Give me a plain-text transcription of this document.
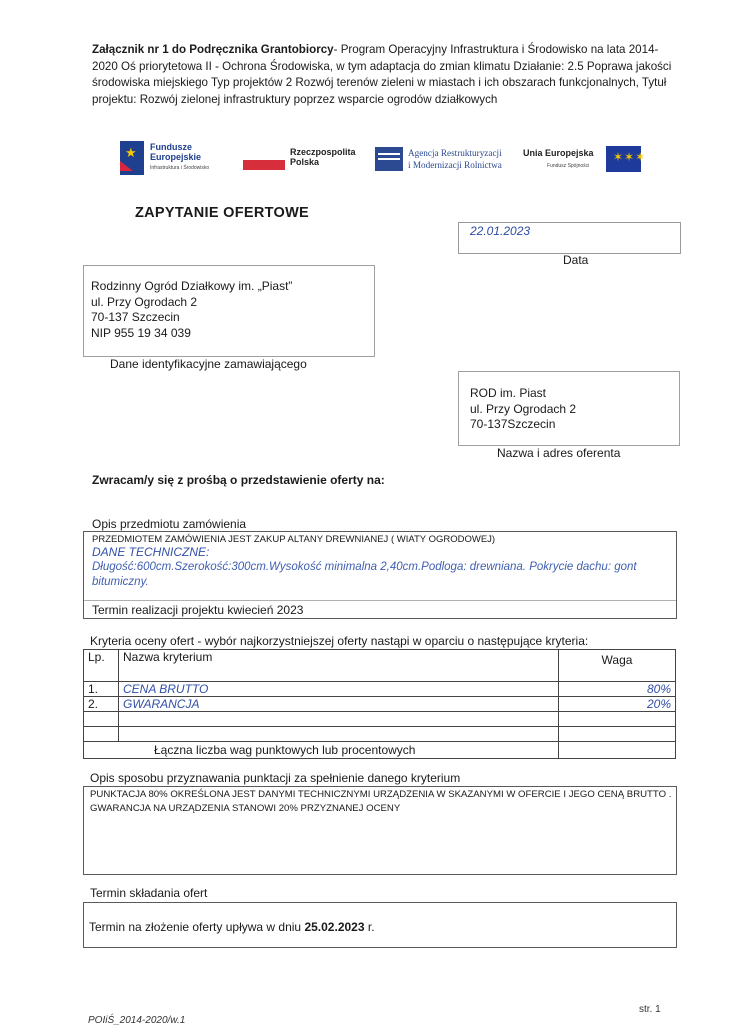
Załącznik nr 1 do Podręcznika Grantobiorcy- Program Operacyjny Infrastruktura i Środowisko na lata 2014-2020 Oś priorytetowa II - Ochrona Środowiska, w tym adaptacja do zmian klimatu Działanie: 2.5 Poprawa jakości środowiska miejskiego Typ projektów 2 Rozwój terenów zieleni w miastach i ich obszarach funkcjonalnych, Tytuł projektu: Rozwój zielonej infrastruktury poprzez wsparcie ogrodów działkowych
★ Fundusze
Europejskie
Infrastruktura i Środowisko
Rzeczpospolita
Polska
Agencja Restrukturyzacji
i Modernizacji Rolnictwa
Unia Europejska
Fundusz Spójności
✶✶✶
ZAPYTANIE OFERTOWE
22.01.2023
Data
Rodzinny Ogród Działkowy im. „Piast”
ul. Przy Ogrodach 2
70-137 Szczecin
NIP 955 19 34 039
Dane identyfikacyjne zamawiającego
ROD im. Piast
ul. Przy Ogrodach 2
70-137Szczecin
Nazwa i adres oferenta
Zwracam/y się z prośbą o przedstawienie oferty na:
Opis przedmiotu zamówienia
PRZEDMIOTEM ZAMÓWIENIA JEST ZAKUP ALTANY DREWNIANEJ ( WIATY OGRODOWEJ)
DANE TECHNICZNE:
Długość:600cm.Szerokość:300cm.Wysokość minimalna 2,40cm.Podloga: drewniana. Pokrycie dachu: gont bitumiczny.
Termin realizacji projektu kwiecień 2023
Kryteria oceny ofert - wybór najkorzystniejszej oferty nastąpi w oparciu o następujące kryteria:
Lp.	Nazwa kryterium	Waga
1.	CENA BRUTTO	80%
2.	GWARANCJA	20%

Łączna liczba wag punktowych lub procentowych		
Opis sposobu przyznawania punktacji za spełnienie danego kryterium
PUNKTACJA 80% OKREŚLONA JEST DANYMI TECHNICZNYMI URZĄDZENIA W SKAZANYMI W OFERCIE I JEGO CENĄ BRUTTO . GWARANCJA NA URZĄDZENIA STANOWI 20% PRZYZNANEJ OCENY
Termin składania ofert
Termin na złożenie oferty upływa w dniu 25.02.2023 r.
str. 1
POIiŚ_2014-2020/w.1
